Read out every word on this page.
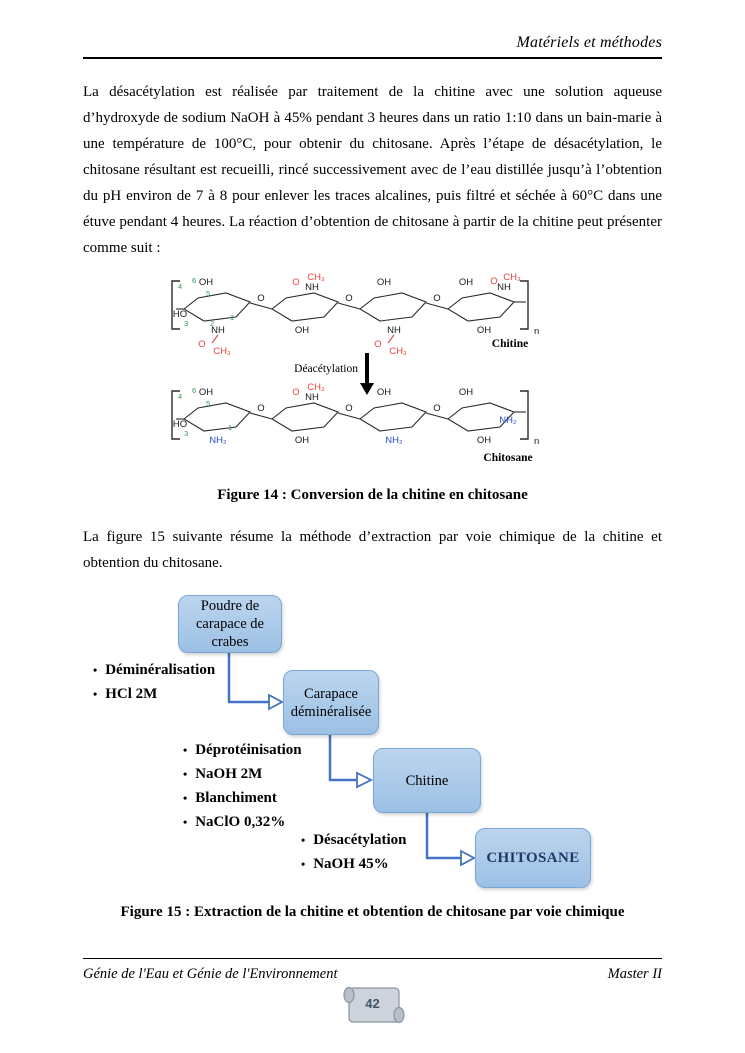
Matériels et méthodes

La désacétylation est réalisée par traitement de la chitine avec une solution aqueuse d’hydroxyde de sodium NaOH à 45% pendant 3 heures dans un ratio 1:10 dans un bain-marie à une température de 100°C, pour obtenir du chitosane. Après l’étape de désacétylation, le chitosane résultant est recueilli, rincé successivement avec de l’eau distillée jusqu’à l’obtention du pH environ de 7 à 8 pour enlever les traces alcalines, puis filtré et séchée à 60°C dans une étuve pendant 4 heures. La réaction d’obtention de chitosane à partir de la chitine peut présenter comme suit :

O	O	O
OH	OH	OH
OH	OH
HO
NH
NH
NH
NH
O
CH₃
O CH₃
O
CH₃
O CH₃
4
6
5
3	2
1
n
Chitine
Déacétylation
O	O	O
OH	OH	OH
OH	OH
HO
NH₂	NH₂
NH₂
NH
O CH₃
4
6
5
3
1
n
Chitosane

Figure 14 : Conversion de la chitine en chitosane

La figure 15 suivante résume la méthode d’extraction par voie chimique de la chitine et obtention du chitosane.

Poudre de carapace de crabes
Carapace déminéralisée
Chitine
CHITOSANE
• Déminéralisation
• HCl 2M
• Déprotéinisation
• NaOH 2M
• Blanchiment
• NaClO 0,32%
• Désacétylation
• NaOH 45%

Figure 15 : Extraction de la chitine et obtention de chitosane par voie chimique

Génie de l'Eau et Génie de l'Environnement	Master II
42
